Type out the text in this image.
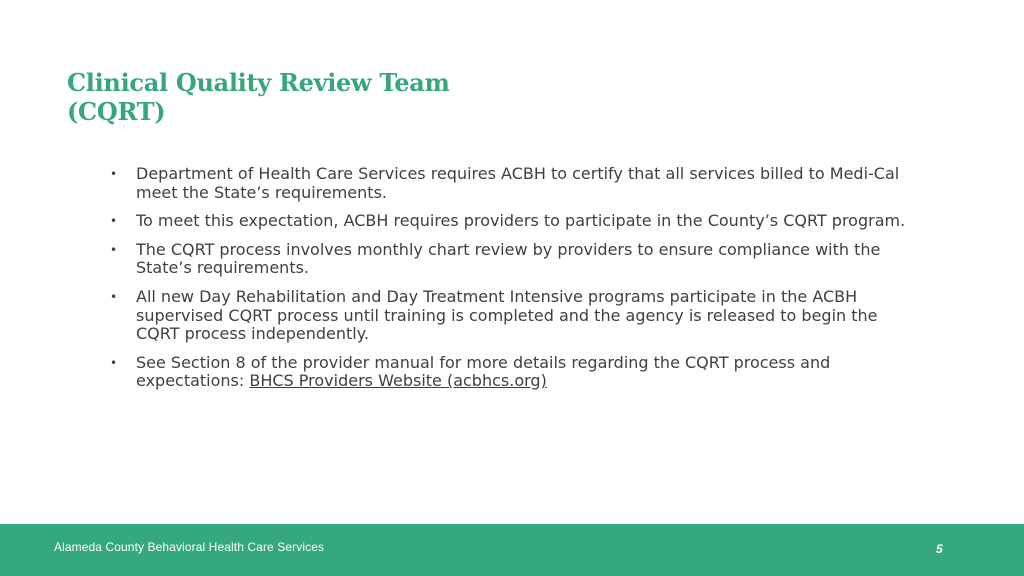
Clinical Quality Review Team
(CQRT)
• Department of Health Care Services requires ACBH to certify that all services billed to Medi-Cal meet the State’s requirements.
• To meet this expectation, ACBH requires providers to participate in the County’s CQRT program.
• The CQRT process involves monthly chart review by providers to ensure compliance with the State’s requirements.
• All new Day Rehabilitation and Day Treatment Intensive programs participate in the ACBH supervised CQRT process until training is completed and the agency is released to begin the CQRT process independently.
• See Section 8 of the provider manual for more details regarding the CQRT process and expectations: BHCS Providers Website (acbhcs.org)
Alameda County Behavioral Health Care Services	5
